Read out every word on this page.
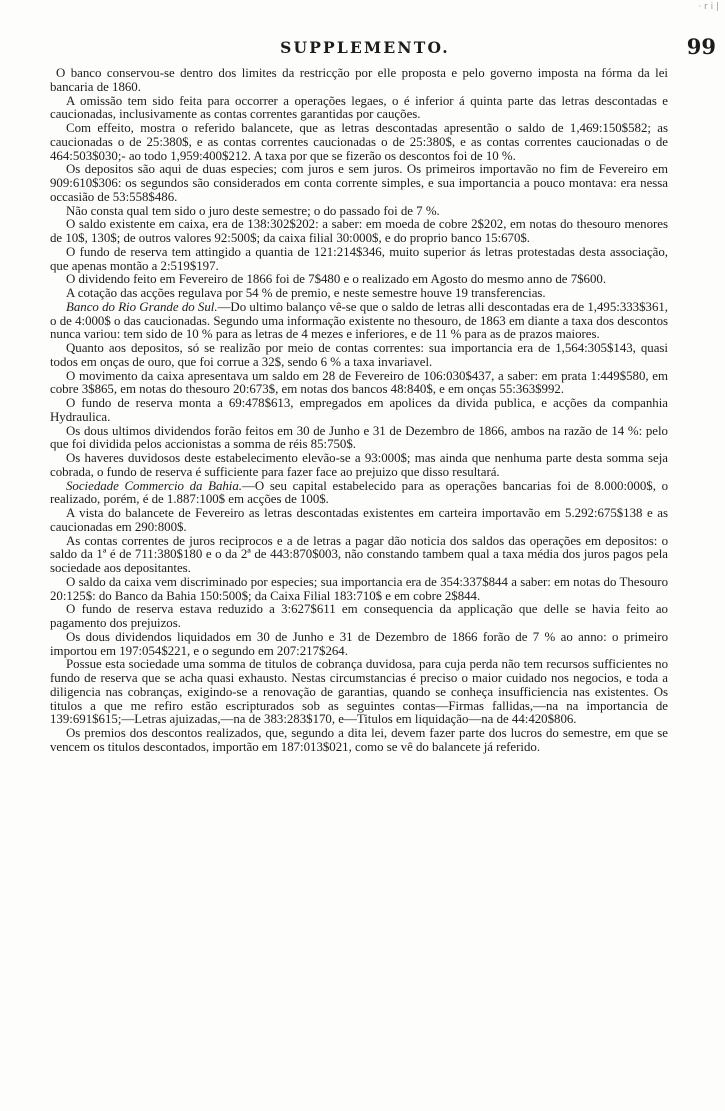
SUPPLEMENTO.	99
· r i |

O banco conservou-se dentro dos limites da restricção por elle proposta e pelo governo imposta na fórma da lei bancaria de 1860.

A omissão tem sido feita para occorrer a operações legaes, o é inferior á quinta parte das letras descontadas e caucionadas, inclusivamente as contas correntes garantidas por cauções.

Com effeito, mostra o referido balancete, que as letras descontadas apresentão o saldo de 1,469:150$582; as caucionadas o de 25:380$, e as contas correntes caucionadas o de 25:380$, e as contas correntes caucionadas o de 464:503$030;- ao todo 1,959:400$212. A taxa por que se fizerão os descontos foi de 10 %.

Os depositos são aqui de duas especies; com juros e sem juros. Os primeiros importavão no fim de Fevereiro em 909:610$306: os segundos são considerados em conta corrente simples, e sua importancia a pouco montava: era nessa occasião de 53:558$486.

Não consta qual tem sido o juro deste semestre; o do passado foi de 7 %.

O saldo existente em caixa, era de 138:302$202: a saber: em moeda de cobre 2$202, em notas do thesouro menores de 10$, 130$; de outros valores 92:500$; da caixa filial 30:000$, e do proprio banco 15:670$.

O fundo de reserva tem attingido a quantia de 121:214$346, muito superior ás letras protestadas desta associação, que apenas montão a 2:519$197.

O dividendo feito em Fevereiro de 1866 foi de 7$480 e o realizado em Agosto do mesmo anno de 7$600.

A cotação das acções regulava por 54 % de premio, e neste semestre houve 19 transferencias.

Banco do Rio Grande do Sul.—Do ultimo balanço vê-se que o saldo de letras alli descontadas era de 1,495:333$361, o de 4:000$ o das caucionadas. Segundo uma informação existente no thesouro, de 1863 em diante a taxa dos descontos nunca variou: tem sido de 10 % para as letras de 4 mezes e inferiores, e de 11 % para as de prazos maiores.

Quanto aos depositos, só se realizão por meio de contas correntes: sua importancia era de 1,564:305$143, quasi todos em onças de ouro, que foi corrue a 32$, sendo 6 % a taxa invariavel.

O movimento da caixa apresentava um saldo em 28 de Fevereiro de 106:030$437, a saber: em prata 1:449$580, em cobre 3$865, em notas do thesouro 20:673$, em notas dos bancos 48:840$, e em onças 55:363$992.

O fundo de reserva monta a 69:478$613, empregados em apolices da divida publica, e acções da companhia Hydraulica.

Os dous ultimos dividendos forão feitos em 30 de Junho e 31 de Dezembro de 1866, ambos na razão de 14 %: pelo que foi dividida pelos accionistas a somma de réis 85:750$.

Os haveres duvidosos deste estabelecimento elevão-se a 93:000$; mas ainda que nenhuma parte desta somma seja cobrada, o fundo de reserva é sufficiente para fazer face ao prejuizo que disso resultará.

Sociedade Commercio da Bahia.—O seu capital estabelecido para as operações bancarias foi de 8.000:000$, o realizado, porém, é de 1.887:100$ em acções de 100$.

A vista do balancete de Fevereiro as letras descontadas existentes em carteira importavão em 5.292:675$138 e as caucionadas em 290:800$.

As contas correntes de juros reciprocos e a de letras a pagar dão noticia dos saldos das operações em depositos: o saldo da 1ª é de 711:380$180 e o da 2ª de 443:870$003, não constando tambem qual a taxa média dos juros pagos pela sociedade aos depositantes.

O saldo da caixa vem discriminado por especies; sua importancia era de 354:337$844 a saber: em notas do Thesouro 20:125$: do Banco da Bahia 150:500$; da Caixa Filial 183:710$ e em cobre 2$844.

O fundo de reserva estava reduzido a 3:627$611 em consequencia da applicação que delle se havia feito ao pagamento dos prejuizos.

Os dous dividendos liquidados em 30 de Junho e 31 de Dezembro de 1866 forão de 7 % ao anno: o primeiro importou em 197:054$221, e o segundo em 207:217$264.

Possue esta sociedade uma somma de titulos de cobrança duvidosa, para cuja perda não tem recursos sufficientes no fundo de reserva que se acha quasi exhausto. Nestas circumstancias é preciso o maior cuidado nos negocios, e toda a diligencia nas cobranças, exigindo-se a renovação de garantias, quando se conheça insufficiencia nas existentes. Os titulos a que me refiro estão escripturados sob as seguintes contas—Firmas fallidas,—na na importancia de 139:691$615;—Letras ajuizadas,—na de 383:283$170, e—Titulos em liquidação—na de 44:420$806.

Os premios dos descontos realizados, que, segundo a dita lei, devem fazer parte dos lucros do semestre, em que se vencem os titulos descontados, importão em 187:013$021, como se vê do balancete já referido.
